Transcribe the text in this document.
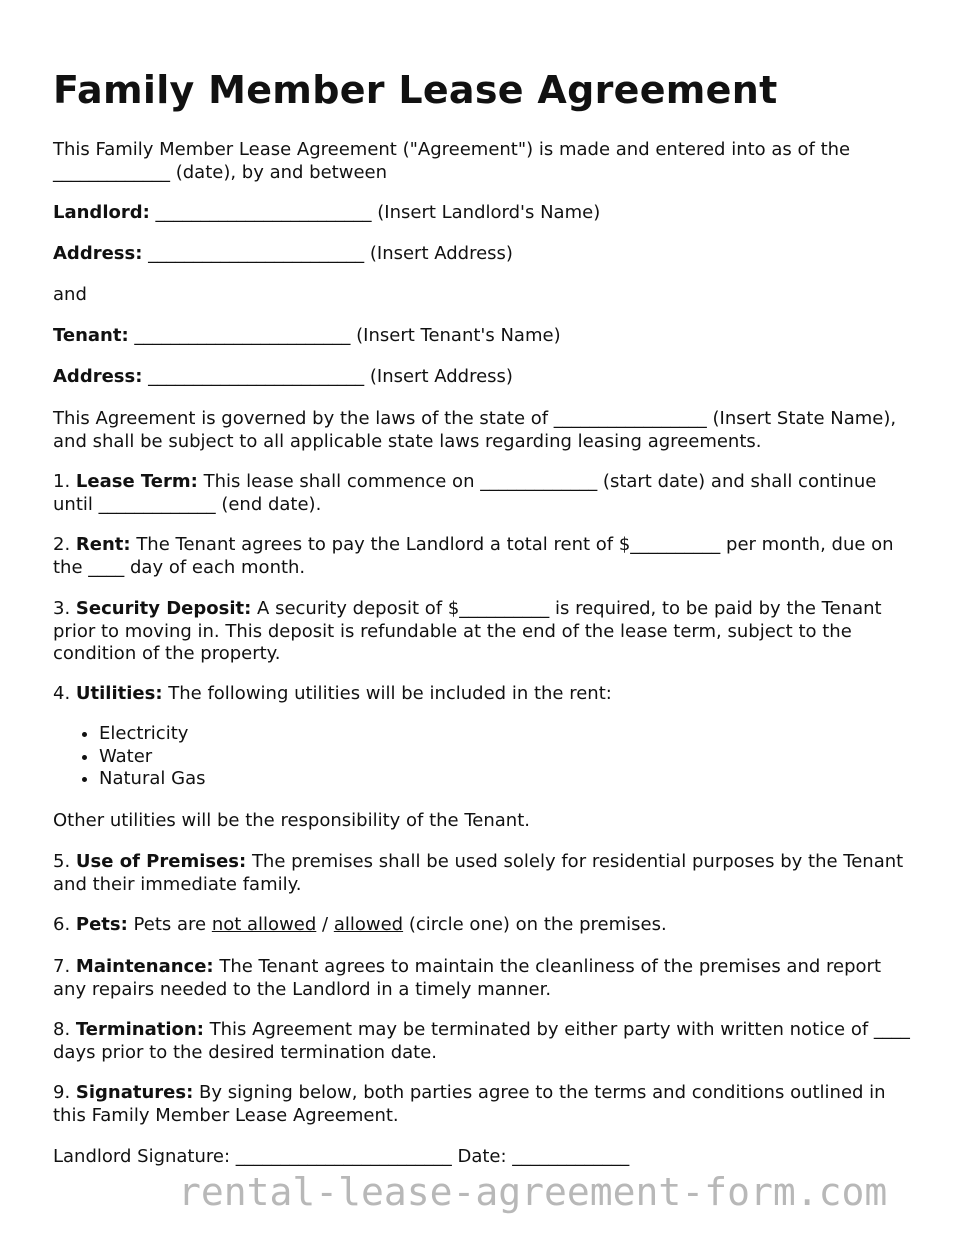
Family Member Lease Agreement

This Family Member Lease Agreement ("Agreement") is made and entered into as of the _____________ (date), by and between

Landlord: ________________________ (Insert Landlord's Name)

Address: ________________________ (Insert Address)

and

Tenant: ________________________ (Insert Tenant's Name)

Address: ________________________ (Insert Address)

This Agreement is governed by the laws of the state of _________________ (Insert State Name), and shall be subject to all applicable state laws regarding leasing agreements.

1. Lease Term: This lease shall commence on _____________ (start date) and shall continue until _____________ (end date).

2. Rent: The Tenant agrees to pay the Landlord a total rent of $__________ per month, due on the ____ day of each month.

3. Security Deposit: A security deposit of $__________ is required, to be paid by the Tenant prior to moving in. This deposit is refundable at the end of the lease term, subject to the condition of the property.

4. Utilities: The following utilities will be included in the rent:

• Electricity
• Water
• Natural Gas

Other utilities will be the responsibility of the Tenant.

5. Use of Premises: The premises shall be used solely for residential purposes by the Tenant and their immediate family.

6. Pets: Pets are not allowed / allowed (circle one) on the premises.

7. Maintenance: The Tenant agrees to maintain the cleanliness of the premises and report any repairs needed to the Landlord in a timely manner.

8. Termination: This Agreement may be terminated by either party with written notice of ____ days prior to the desired termination date.

9. Signatures: By signing below, both parties agree to the terms and conditions outlined in this Family Member Lease Agreement.

Landlord Signature: ________________________ Date: _____________

rental-lease-agreement-form.com
